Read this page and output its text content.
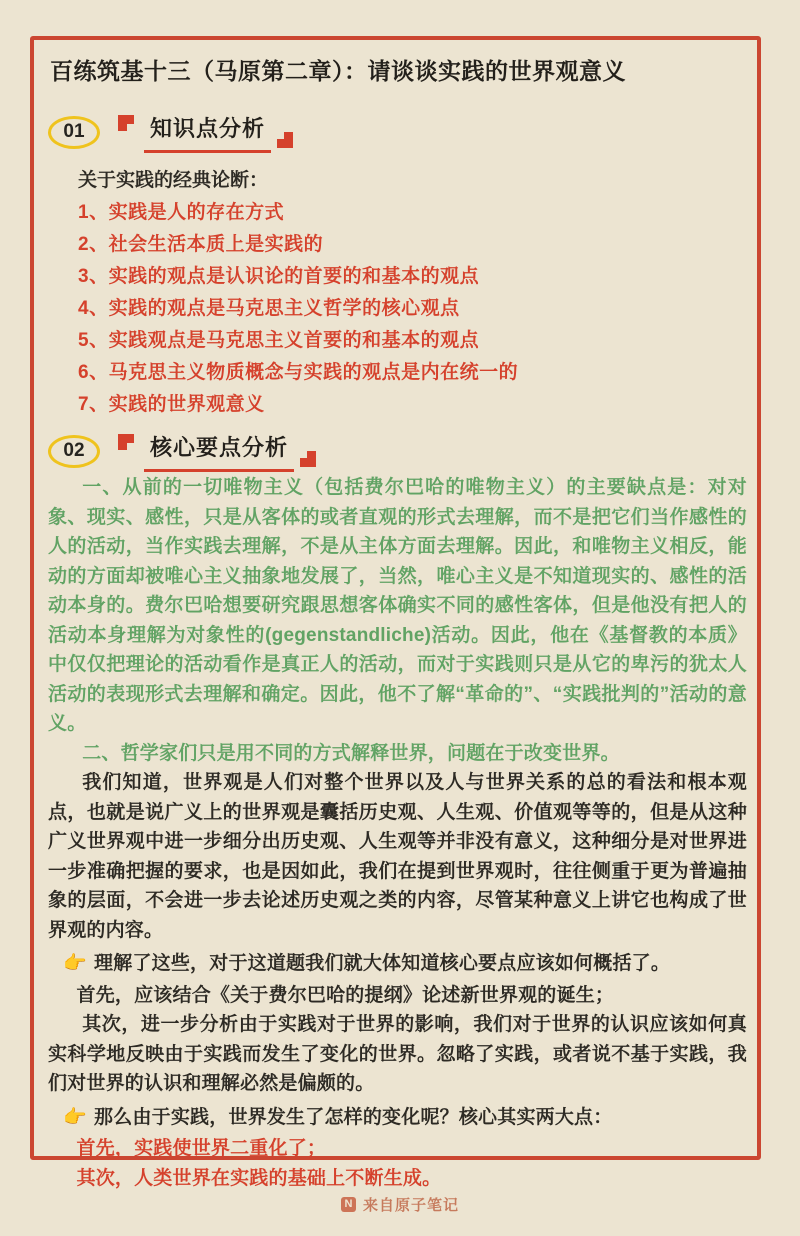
百练筑基十三（马原第二章）：请谈谈实践的世界观意义
01	知识点分析

关于实践的经典论断：

1、实践是人的存在方式

2、社会生活本质上是实践的

3、实践的观点是认识论的首要的和基本的观点

4、实践的观点是马克思主义哲学的核心观点

5、实践观点是马克思主义首要的和基本的观点

6、马克思主义物质概念与实践的观点是内在统一的

7、实践的世界观意义

02	核心要点分析

一、从前的一切唯物主义（包括费尔巴哈的唯物主义）的主要缺点是：对对象、现实、感性，只是从客体的或者直观的形式去理解，而不是把它们当作感性的人的活动，当作实践去理解，不是从主体方面去理解。因此，和唯物主义相反，能动的方面却被唯心主义抽象地发展了，当然，唯心主义是不知道现实的、感性的活动本身的。费尔巴哈想要研究跟思想客体确实不同的感性客体，但是他没有把人的活动本身理解为对象性的(gegenstandliche)活动。因此，他在《基督教的本质》中仅仅把理论的活动看作是真正人的活动，而对于实践则只是从它的卑污的犹太人活动的表现形式去理解和确定。因此，他不了解“革命的”、“实践批判的”活动的意义。

二、哲学家们只是用不同的方式解释世界，问题在于改变世界。

我们知道，世界观是人们对整个世界以及人与世界关系的总的看法和根本观点，也就是说广义上的世界观是囊括历史观、人生观、价值观等等的，但是从这种广义世界观中进一步细分出历史观、人生观等并非没有意义，这种细分是对世界进一步准确把握的要求，也是因如此，我们在提到世界观时，往往侧重于更为普遍抽象的层面，不会进一步去论述历史观之类的内容，尽管某种意义上讲它也构成了世界观的内容。

👉 理解了这些，对于这道题我们就大体知道核心要点应该如何概括了。

首先，应该结合《关于费尔巴哈的提纲》论述新世界观的诞生；

其次，进一步分析由于实践对于世界的影响，我们对于世界的认识应该如何真实科学地反映由于实践而发生了变化的世界。忽略了实践，或者说不基于实践，我们对世界的认识和理解必然是偏颇的。

👉 那么由于实践，世界发生了怎样的变化呢？核心其实两大点：

首先，实践使世界二重化了；

其次，人类世界在实践的基础上不断生成。

N 来自原子笔记
